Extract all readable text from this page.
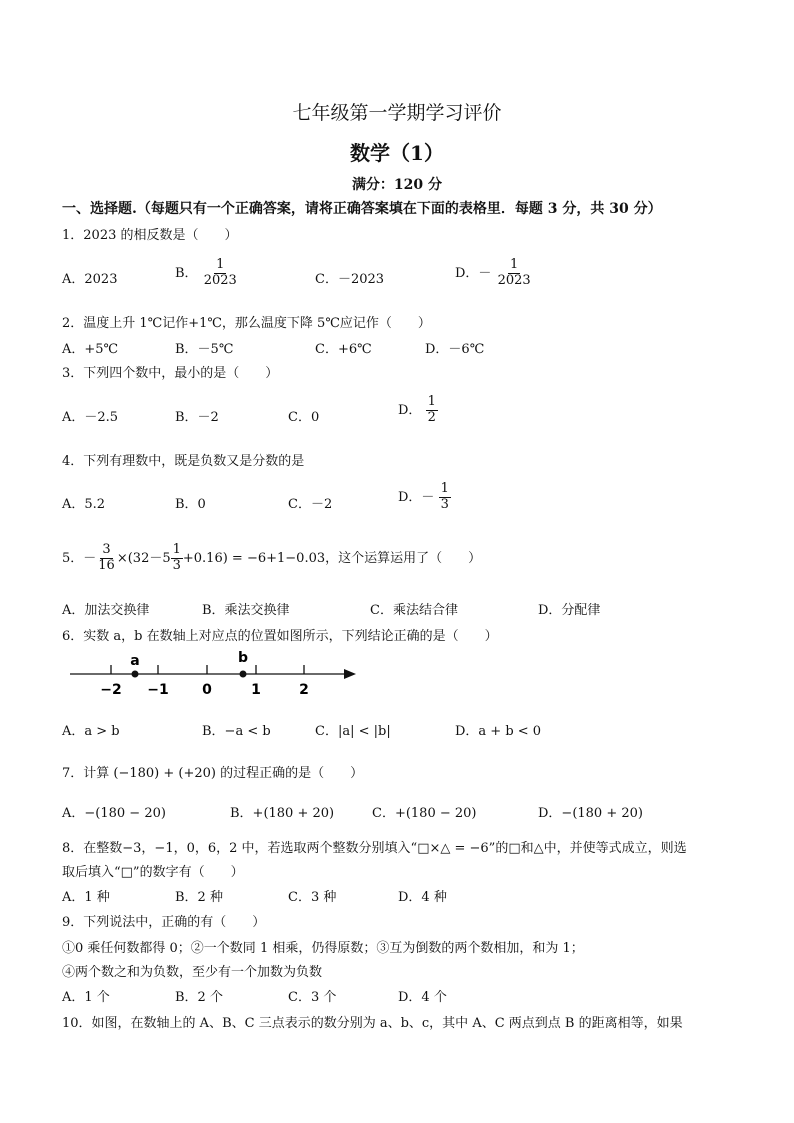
七年级第一学期学习评价
数学（1）
满分：120 分
一、选择题.（每题只有一个正确答案，请将正确答案填在下面的表格里．每题 3 分，共 30 分）
1．2023 的相反数是（　　）
A．2023	B． $\frac{1}{2023}$	C．－2023	D．－ $\frac{1}{2023}$
2．温度上升 1℃记作+1℃，那么温度下降 5℃应记作（　　）
A．+5℃	B．－5℃	C．+6℃	D．－6℃
3．下列四个数中，最小的是（　　）
A．－2.5	B．－2	C．0	D． $\frac{1}{2}$
4．下列有理数中，既是负数又是分数的是
A．5.2	B．0	C．－2	D．－ $\frac{1}{3}$
5．－ $\frac{3}{16} \times(32-5 \frac{1}{3} +0.16) = -6+1-0.03$，这个运算运用了（　　）
A．加法交换律	B．乘法交换律	C．乘法结合律	D．分配律
6．实数 a，b 在数轴上对应点的位置如图所示，下列结论正确的是（　　）
−2 −1 0	1	2
a	b
A．a > b	B．−a < b	C．|a| < |b|	D．a + b < 0
7．计算 (−180) + (+20) 的过程正确的是（　　）
A．−(180 − 20)	B．+(180 + 20)	C．+(180 − 20)	D．−(180 + 20)
8．在整数−3，−1，0，6，2 中，若选取两个整数分别填入“□×△ = −6”的□和△中，并使等式成立，则选
取后填入“□”的数字有（　　）
A．1 种	B．2 种	C．3 种	D．4 种
9．下列说法中，正确的有（　　）
①0 乘任何数都得 0；②一个数同 1 相乘，仍得原数；③互为倒数的两个数相加，和为 1；
④两个数之和为负数，至少有一个加数为负数
A．1 个	B．2 个	C．3 个	D．4 个
10．如图，在数轴上的 A、B、C 三点表示的数分别为 a、b、c，其中 A、C 两点到点 B 的距离相等，如果
